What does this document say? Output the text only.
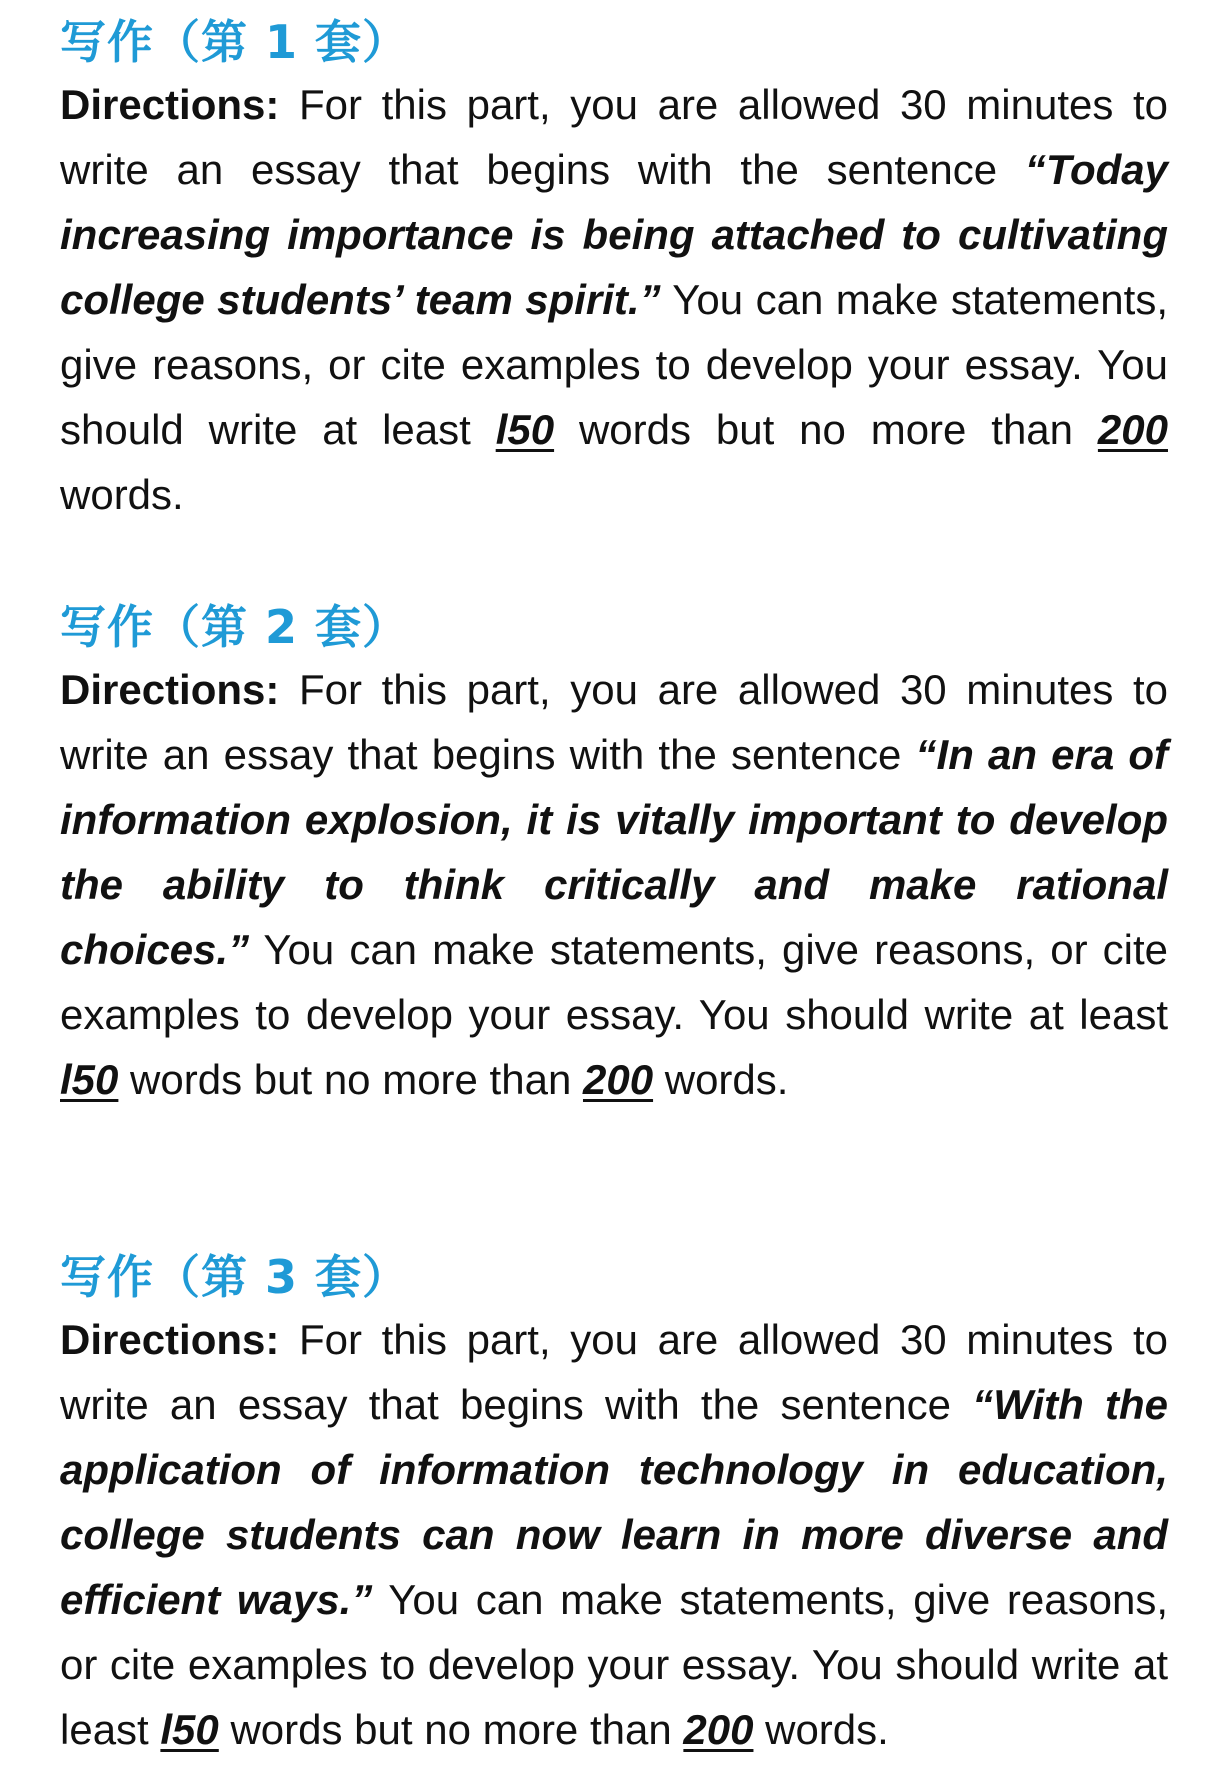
写作（第 1 套）

Directions: For this part, you are allowed 30 minutes to write an essay that begins with the sentence “Today increasing importance is being attached to cultivating college students’ team spirit.” You can make statements, give reasons, or cite examples to develop your essay. You should write at least l50 words but no more than 200 words.

写作（第 2 套）

Directions: For this part, you are allowed 30 minutes to write an essay that begins with the sentence “In an era of information explosion, it is vitally important to develop the ability to think critically and make rational choices.” You can make statements, give reasons, or cite examples to develop your essay. You should write at least l50 words but no more than 200 words.

写作（第 3 套）

Directions: For this part, you are allowed 30 minutes to write an essay that begins with the sentence “With the application of information technology in education, college students can now learn in more diverse and efficient ways.” You can make statements, give reasons, or cite examples to develop your essay. You should write at least l50 words but no more than 200 words.
